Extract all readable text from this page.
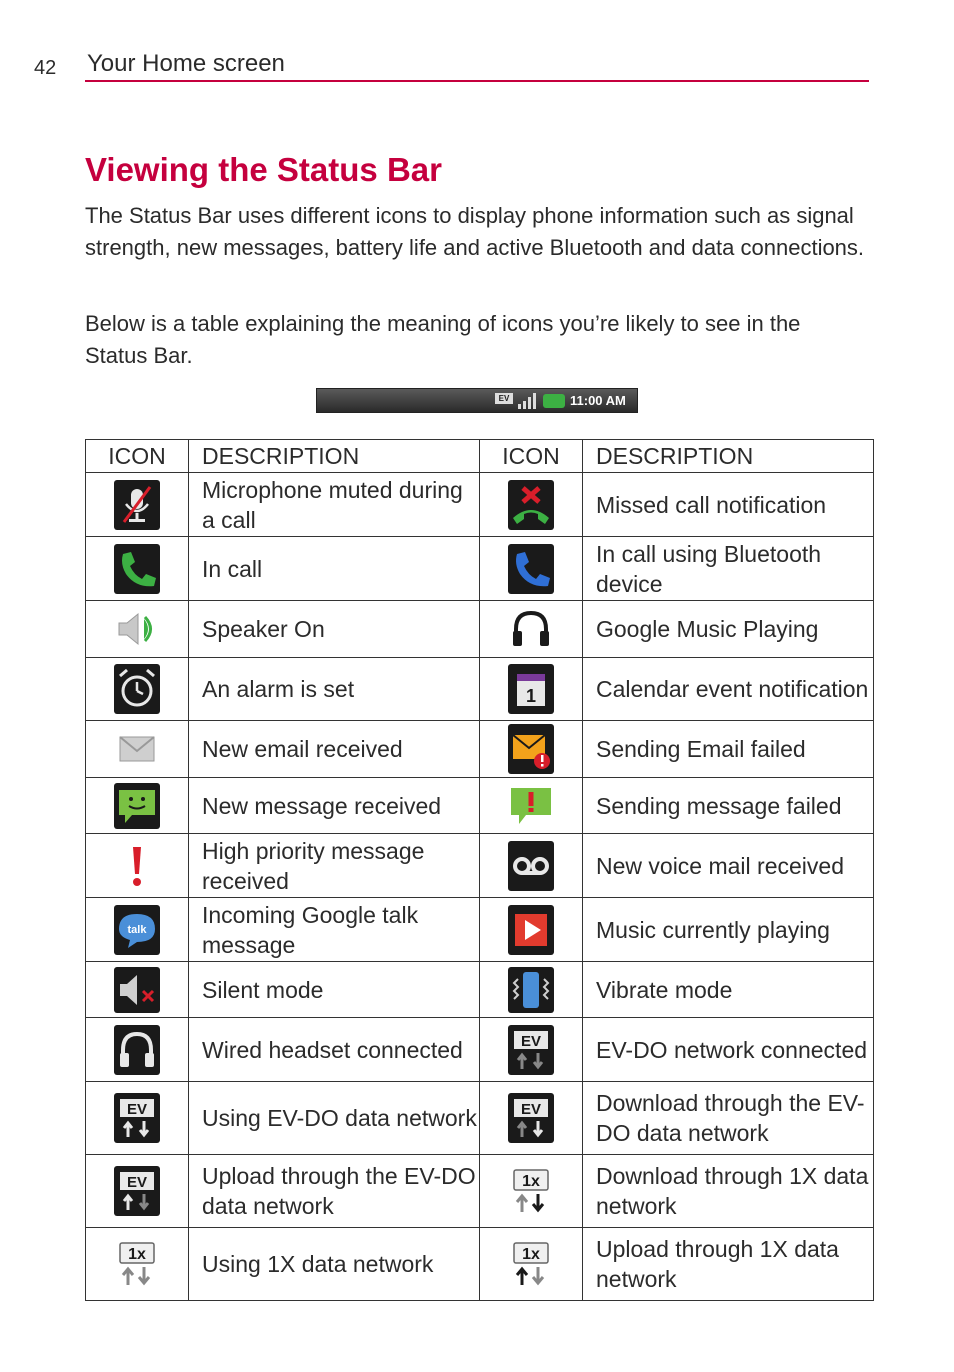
42 Your Home screen
Viewing the Status Bar

The Status Bar uses different icons to display phone information such as signal strength, new messages, battery life and active Bluetooth and data connections.

Below is a table explaining the meaning of icons you’re likely to see in the Status Bar.

EV	11:00 AM
ICON	DESCRIPTION	ICON	DESCRIPTION
	Microphone muted during a call		Missed call notification
	In call		In call using Bluetooth device
	Speaker On		Google Music Playing
	An alarm is set	1	Calendar event notification
	New email received		Sending Email failed
	New message received		Sending message failed
	High priority message received		New voice mail received

talk	Incoming Google talk message		Music currently playing
	Silent mode		Vibrate mode
	Wired headset connected	EV	EV-DO network connected

EV	Using EV-DO data network	EV	Download through the EV-DO data network

EV	Upload through the EV-DO data network	1x	Download through 1X data network

1x	Using 1X data network	1x	Upload through 1X data network
